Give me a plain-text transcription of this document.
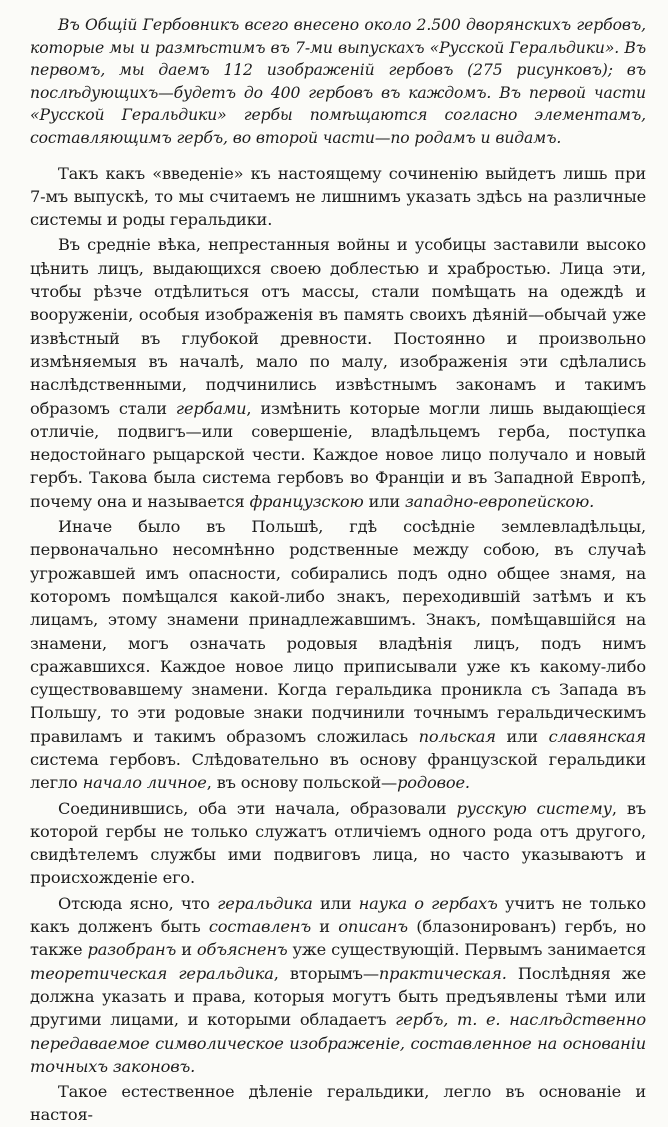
Въ Общій Гербовникъ всего внесено около 2.500 дворянскихъ гербовъ, которые мы и размѣстимъ въ 7-ми выпускахъ «Русской Геральдики». Въ первомъ, мы даемъ 112 изображеній гербовъ (275 рисунковъ); въ послѣдующихъ—будетъ до 400 гербовъ въ каждомъ. Въ первой части «Русской Геральдики» гербы помѣщаются согласно элементамъ, составляющимъ гербъ, во второй части—по родамъ и видамъ.

Такъ какъ «введеніе» къ настоящему сочиненію выйдетъ лишь при 7-мъ выпускѣ, то мы считаемъ не лишнимъ указать здѣсь на различные системы и роды геральдики.

Въ средніе вѣка, непрестанныя войны и усобицы заставили высоко цѣнить лицъ, выдающихся своею доблестью и храбростью. Лица эти, чтобы рѣзче отдѣлиться отъ массы, стали помѣщать на одеждѣ и вооруженіи, особыя изображенія въ память своихъ дѣяній—обычай уже извѣстный въ глубокой древности. Постоянно и произвольно измѣняемыя въ началѣ, мало по малу, изображенія эти сдѣлались наслѣдственными, подчинились извѣстнымъ законамъ и такимъ образомъ стали гербами, измѣнить которые могли лишь выдающіеся отличіе, подвигъ—или совершеніе, владѣльцемъ герба, поступка недостойнаго рыцарской чести. Каждое новое лицо получало и новый гербъ. Такова была система гербовъ во Франціи и въ Западной Европѣ, почему она и называется французскою или западно-европейскою.

Иначе было въ Польшѣ, гдѣ сосѣдніе землевладѣльцы, первоначально несомнѣнно родственные между собою, въ случаѣ угрожавшей имъ опасности, собирались подъ одно общее знамя, на которомъ помѣщался какой-либо знакъ, переходившій затѣмъ и къ лицамъ, этому знамени принадлежавшимъ. Знакъ, помѣщавшійся на знамени, могъ означать родовыя владѣнія лицъ, подъ нимъ сражавшихся. Каждое новое лицо приписывали уже къ какому-либо существовавшему знамени. Когда геральдика проникла съ Запада въ Польшу, то эти родовые знаки подчинили точнымъ геральдическимъ правиламъ и такимъ образомъ сложилась польская или славянская система гербовъ. Слѣдовательно въ основу французской геральдики легло начало личное, въ основу польской—родовое.

Соединившись, оба эти начала, образовали русскую систему, въ которой гербы не только служатъ отличіемъ одного рода отъ другого, свидѣтелемъ службы ими подвиговъ лица, но часто указываютъ и происхожденіе его.

Отсюда ясно, что геральдика или наука о гербахъ учитъ не только какъ долженъ быть составленъ и описанъ (блазонированъ) гербъ, но также разобранъ и объясненъ уже существующій. Первымъ занимается теоретическая геральдика, вторымъ—практическая. Послѣдняя же должна указать и права, которыя могутъ быть предъявлены тѣми или другими лицами, и которыми обладаетъ гербъ, т. е. наслѣдственно передаваемое символическое изображеніе, составленное на основаніи точныхъ законовъ.

Такое естественное дѣленіе геральдики, легло въ основаніе и настоя-
